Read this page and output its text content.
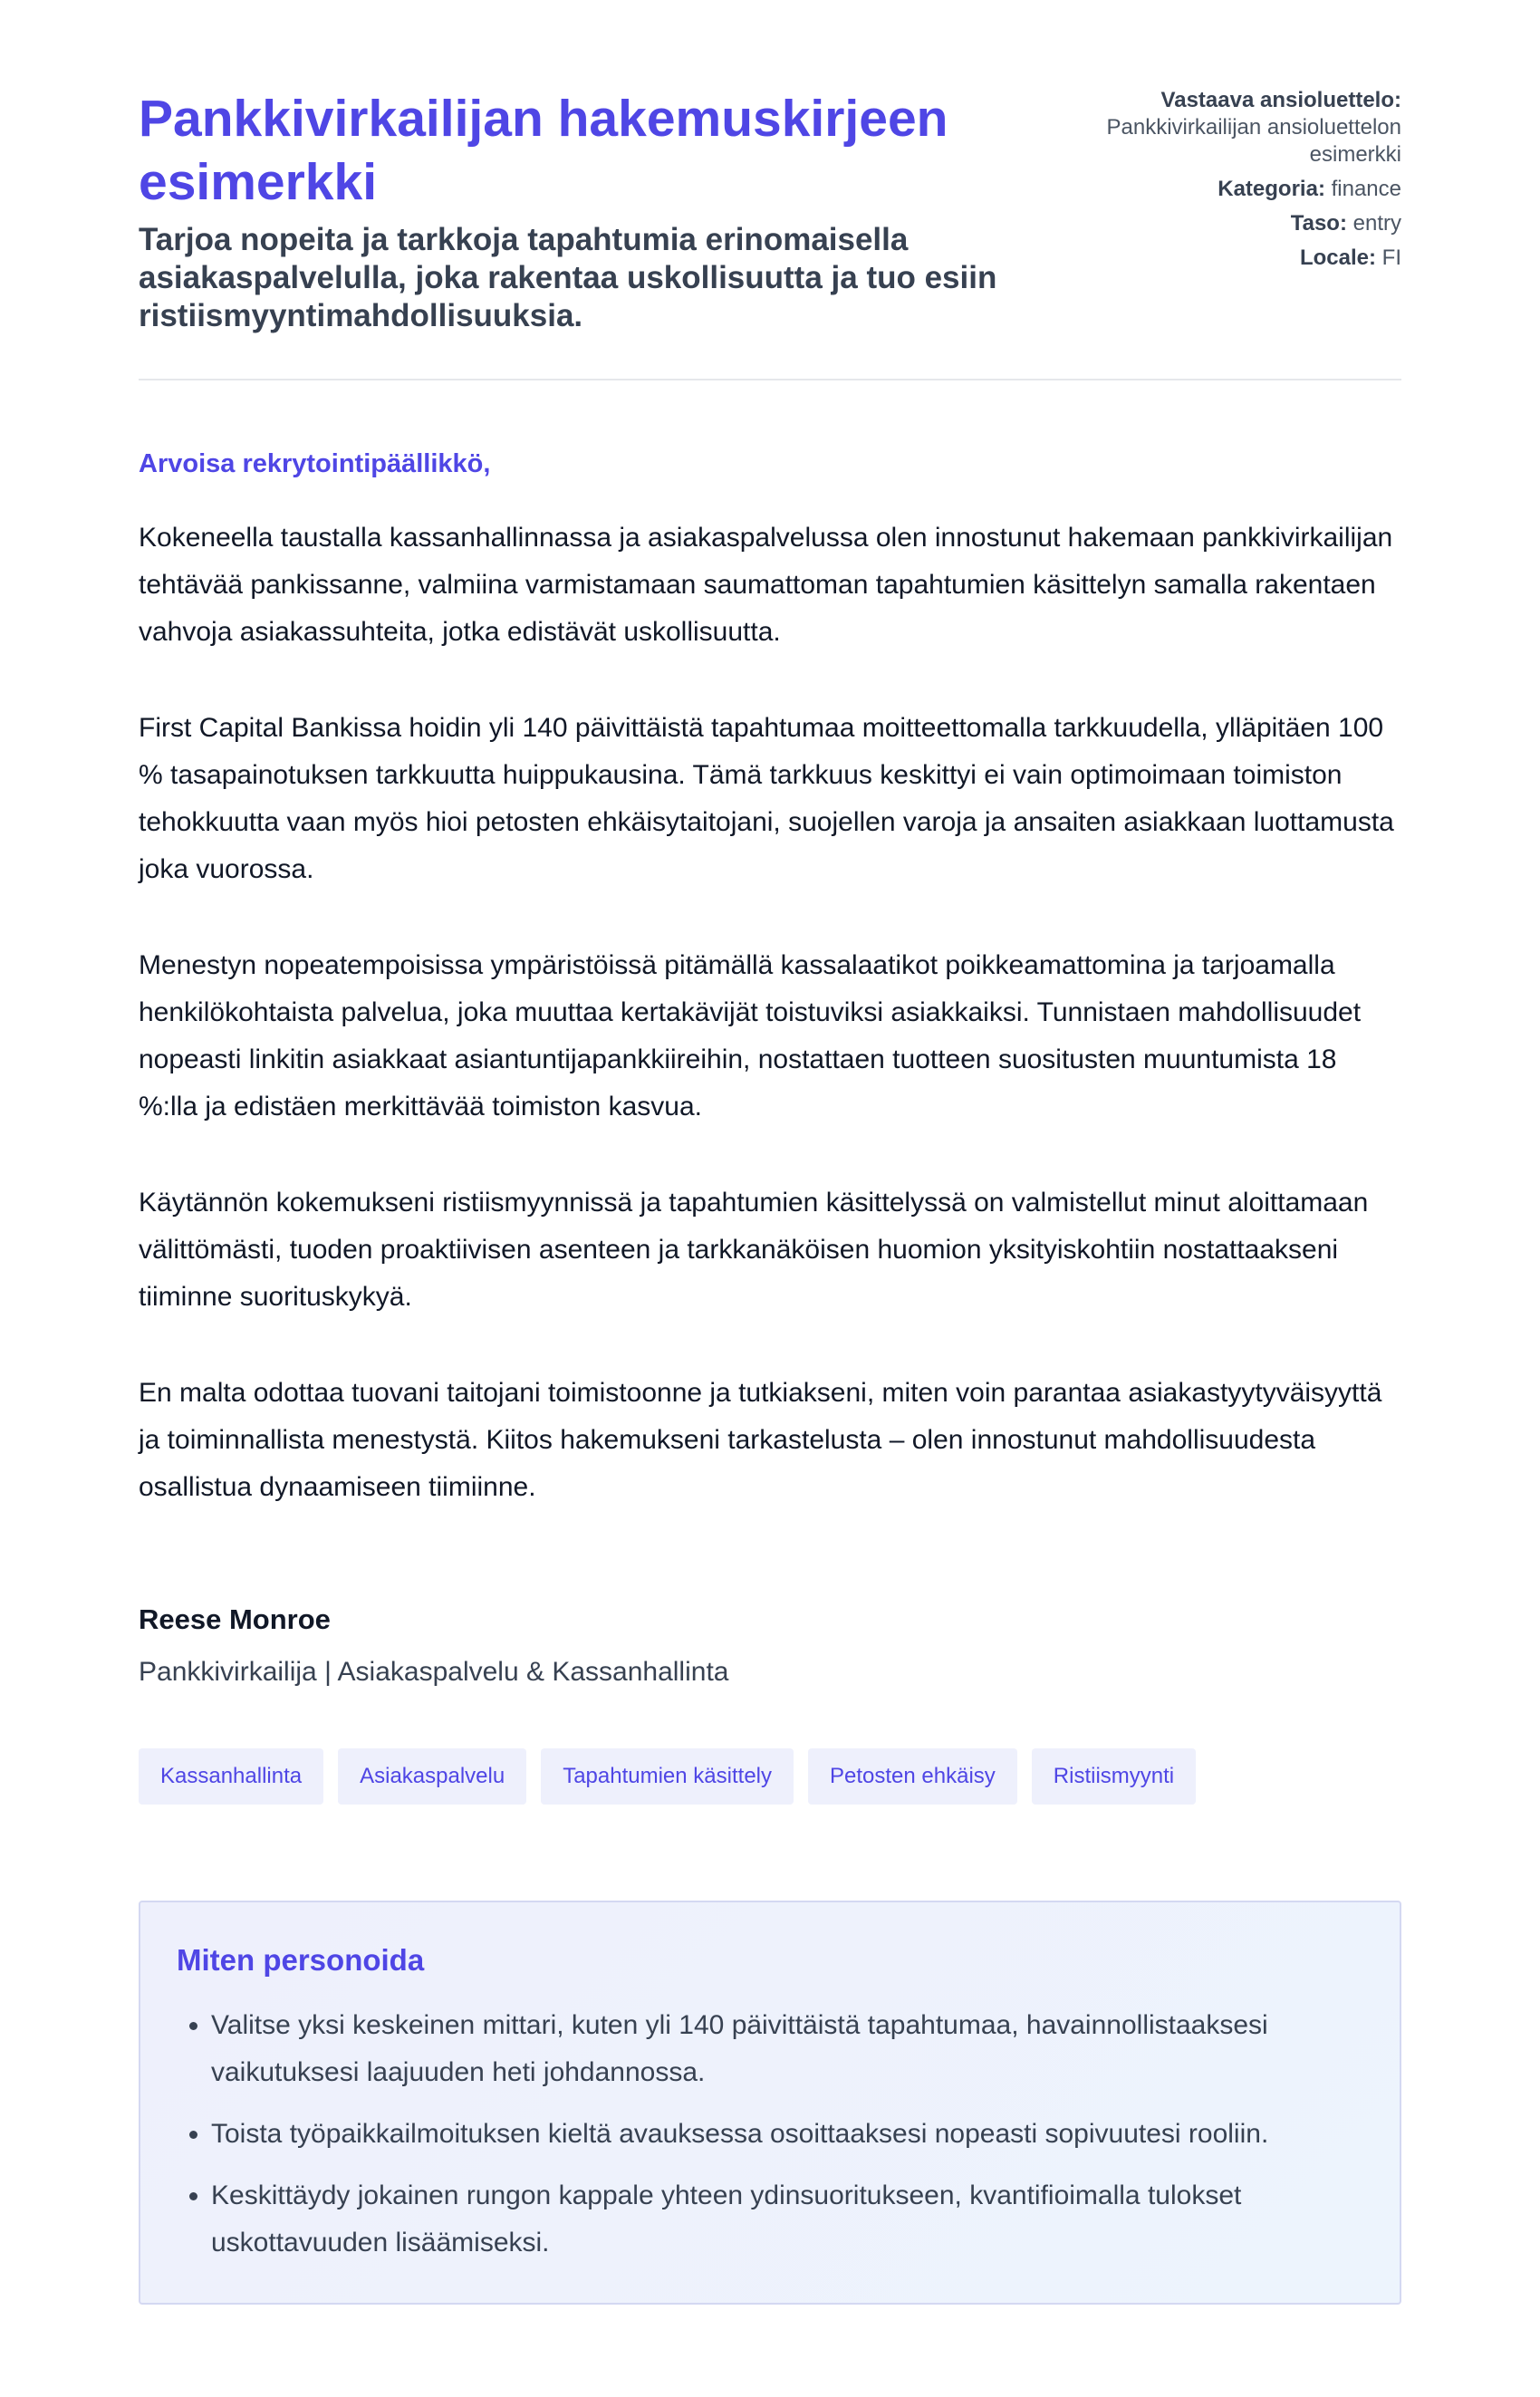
Pankkivirkailijan hakemuskirjeen esimerkki
Tarjoa nopeita ja tarkkoja tapahtumia erinomaisella asiakaspalvelulla, joka rakentaa uskollisuutta ja tuo esiin ristiismyyntimahdollisuuksia.
Vastaava ansioluettelo:
Pankkivirkailijan ansioluettelon esimerkki
Kategoria: finance
Taso: entry
Locale: FI

Arvoisa rekrytointipäällikkö,

Kokeneella taustalla kassanhallinnassa ja asiakaspalvelussa olen innostunut hakemaan pankkivirkailijan tehtävää pankissanne, valmiina varmistamaan saumattoman tapahtumien käsittelyn samalla rakentaen vahvoja asiakassuhteita, jotka edistävät uskollisuutta.

First Capital Bankissa hoidin yli 140 päivittäistä tapahtumaa moitteettomalla tarkkuudella, ylläpitäen 100 % tasapainotuksen tarkkuutta huippukausina. Tämä tarkkuus keskittyi ei vain optimoimaan toimiston tehokkuutta vaan myös hioi petosten ehkäisytaitojani, suojellen varoja ja ansaiten asiakkaan luottamusta joka vuorossa.

Menestyn nopeatempoisissa ympäristöissä pitämällä kassalaatikot poikkeamattomina ja tarjoamalla henkilökohtaista palvelua, joka muuttaa kertakävijät toistuviksi asiakkaiksi. Tunnistaen mahdollisuudet nopeasti linkitin asiakkaat asiantuntijapankkiireihin, nostattaen tuotteen suositusten muuntumista 18 %:lla ja edistäen merkittävää toimiston kasvua.

Käytännön kokemukseni ristiismyynnissä ja tapahtumien käsittelyssä on valmistellut minut aloittamaan välittömästi, tuoden proaktiivisen asenteen ja tarkkanäköisen huomion yksityiskohtiin nostattaakseni tiiminne suorituskykyä.

En malta odottaa tuovani taitojani toimistoonne ja tutkiakseni, miten voin parantaa asiakastyytyväisyyttä ja toiminnallista menestystä. Kiitos hakemukseni tarkastelusta – olen innostunut mahdollisuudesta osallistua dynaamiseen tiimiinne.

Reese Monroe
Pankkivirkailija | Asiakaspalvelu & Kassanhallinta
Kassanhallinta	Asiakaspalvelu	Tapahtumien käsittely	Petosten ehkäisy	Ristiismyynti
Miten personoida
• Valitse yksi keskeinen mittari, kuten yli 140 päivittäistä tapahtumaa, havainnollistaaksesi vaikutuksesi laajuuden heti johdannossa.
• Toista työpaikkailmoituksen kieltä avauksessa osoittaaksesi nopeasti sopivuutesi rooliin.
• Keskittäydy jokainen rungon kappale yhteen ydinsuoritukseen, kvantifioimalla tulokset uskottavuuden lisäämiseksi.
